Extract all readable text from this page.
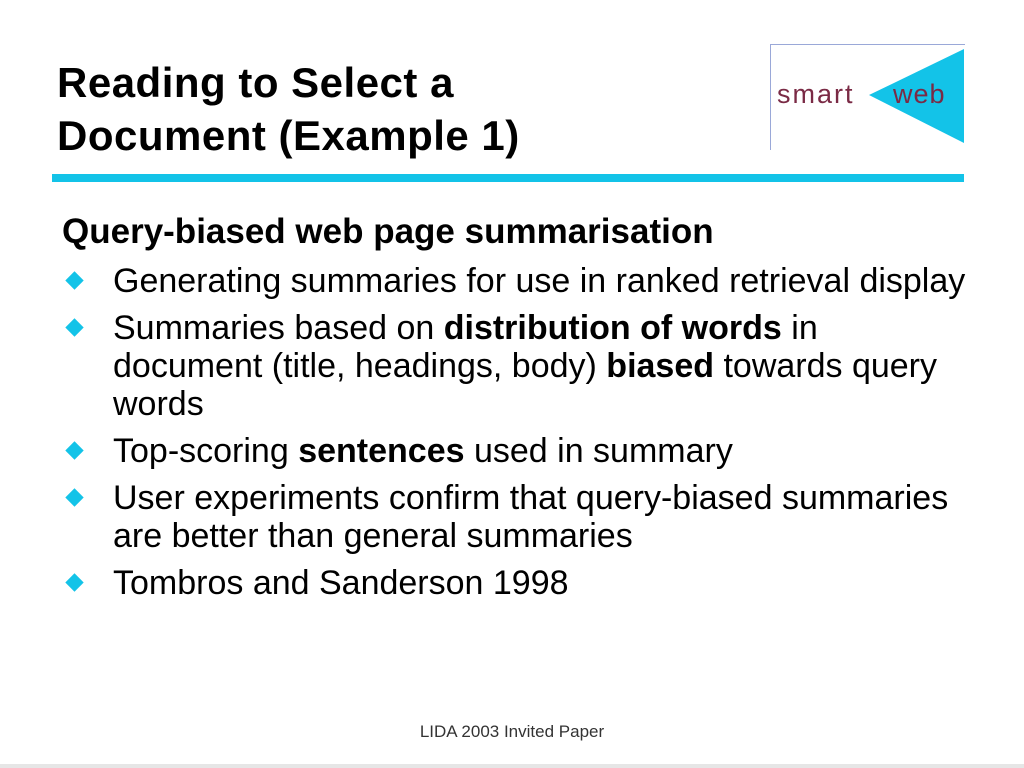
Reading to Select a
Document (Example 1)
smart web
Query-biased web page summarisation
Generating summaries for use in ranked retrieval display
Summaries based on distribution of words in document (title, headings, body) biased towards query words
Top-scoring sentences used in summary
User experiments confirm that query-biased summaries are better than general summaries
Tombros and Sanderson 1998
LIDA 2003 Invited Paper
